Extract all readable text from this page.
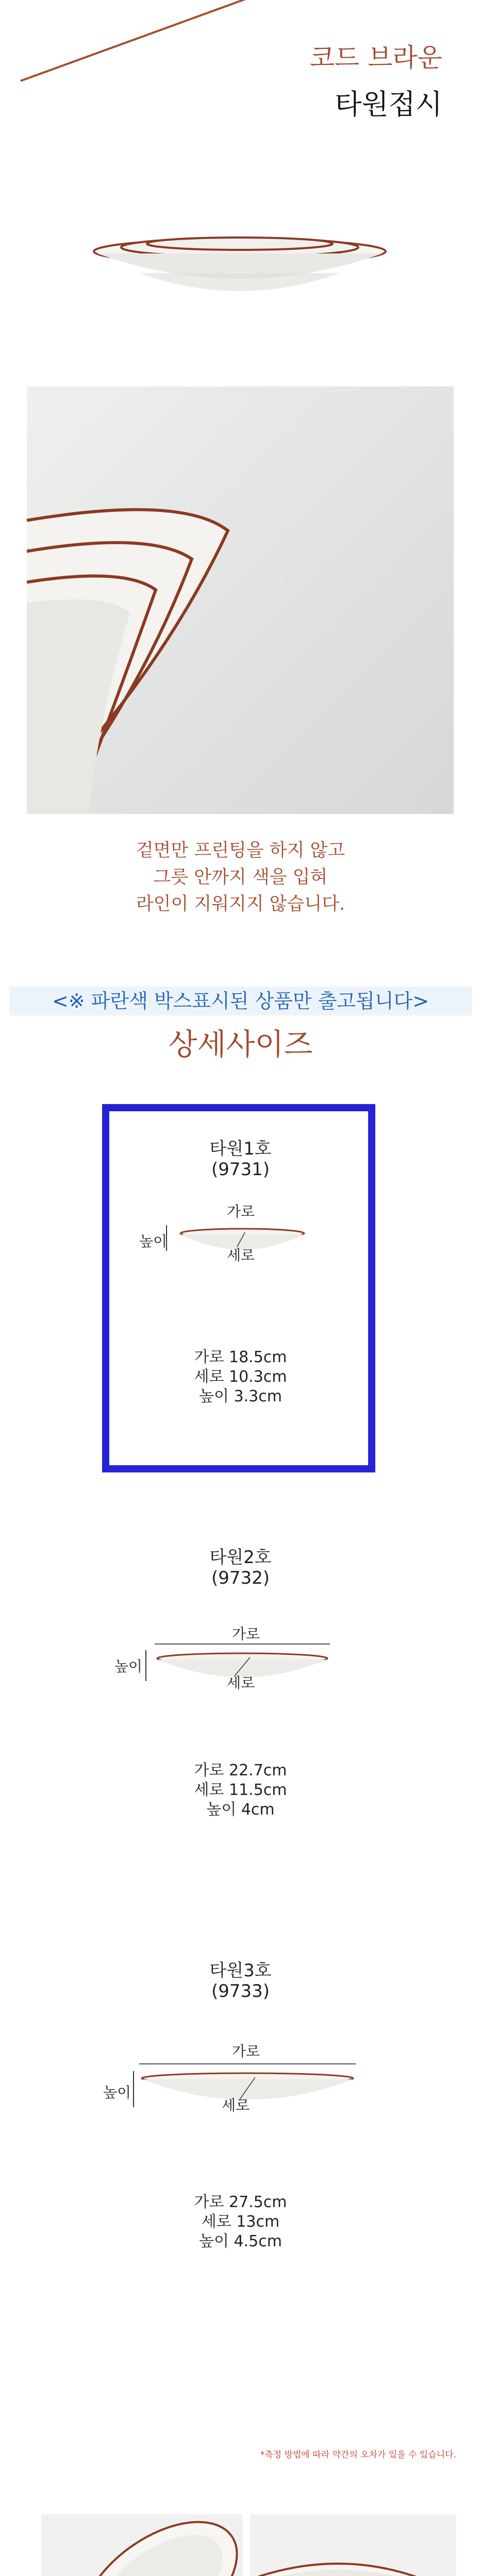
코드 브라운
타원접시
겉면만 프린팅을 하지 않고
그릇 안까지 색을 입혀
라인이 지워지지 않습니다.
<※ 파란색 박스표시된 상품만 출고됩니다>
상세사이즈
타원1호
(9731)
가로
세로
높이
가로 18.5cm
세로 10.3cm
높이 3.3cm
타원2호
(9732)
가로
세로
높이
가로 22.7cm
세로 11.5cm
높이 4cm
타원3호
(9733)
가로
세로
높이
가로 27.5cm
세로 13cm
높이 4.5cm
*측정 방법에 따라 약간의 오차가 있을 수 있습니다.
